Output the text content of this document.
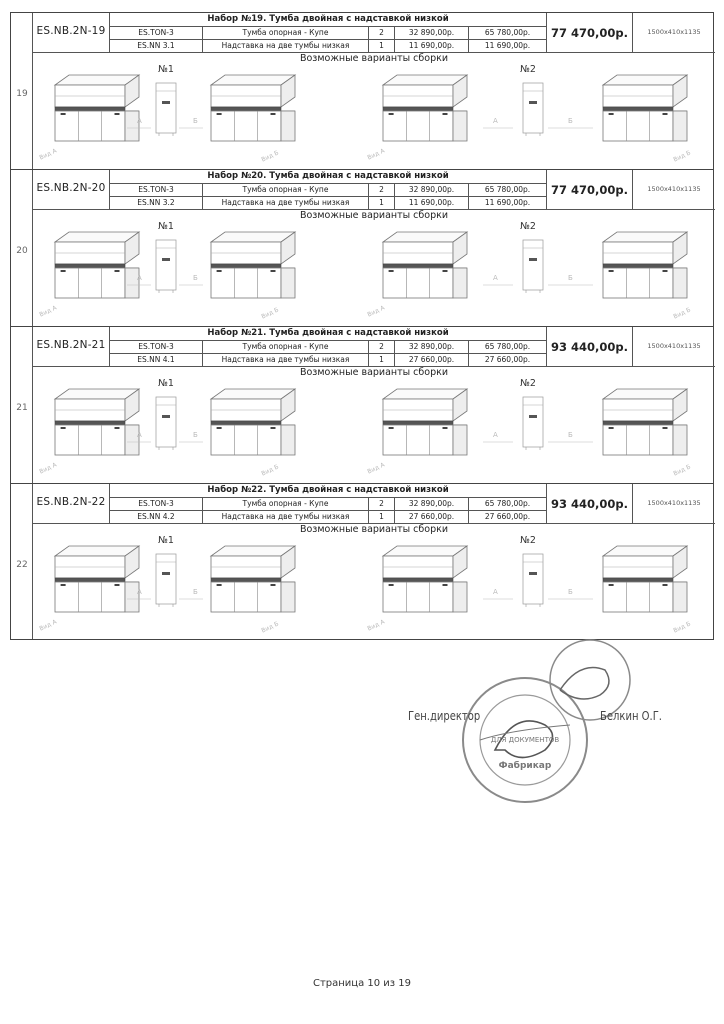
19
ES.NB.2N-19
Набор №19. Тумба двойная с надставкой низкой
ES.TON-3	Тумба опорная - Купе	2	32 890,00р.	65 780,00р.
ES.NN 3.1	Надставка на две тумбы низкая	1	11 690,00р.	11 690,00р.
77 470,00р.	1500x410x1135
Возможные варианты сборки
№1	№2
А	Б	А	Б
Вид А	Вид Б	Вид А	Вид Б
20
ES.NB.2N-20
Набор №20. Тумба двойная с надставкой низкой
ES.TON-3	Тумба опорная - Купе	2	32 890,00р.	65 780,00р.
ES.NN 3.2	Надставка на две тумбы низкая	1	11 690,00р.	11 690,00р.
77 470,00р.	1500x410x1135
Возможные варианты сборки
№1	№2
А	Б	А	Б
Вид А	Вид Б	Вид А	Вид Б
21
ES.NB.2N-21
Набор №21. Тумба двойная с надставкой низкой
ES.TON-3	Тумба опорная - Купе	2	32 890,00р.	65 780,00р.
ES.NN 4.1	Надставка на две тумбы низкая	1	27 660,00р.	27 660,00р.
93 440,00р.	1500x410x1135
Возможные варианты сборки
№1	№2
А	Б	А	Б
Вид А	Вид Б	Вид А	Вид Б
22
ES.NB.2N-22
Набор №22. Тумба двойная с надставкой низкой
ES.TON-3	Тумба опорная - Купе	2	32 890,00р.	65 780,00р.
ES.NN 4.2	Надставка на две тумбы низкая	1	27 660,00р.	27 660,00р.
93 440,00р.	1500x410x1135
Возможные варианты сборки
№1	№2
А	Б	А	Б
Вид А	Вид Б	Вид А	Вид Б
ДЛЯ ДОКУМЕНТОВ
Фабрикар
Ген.директор	Белкин О.Г.
Страница 10 из 19
